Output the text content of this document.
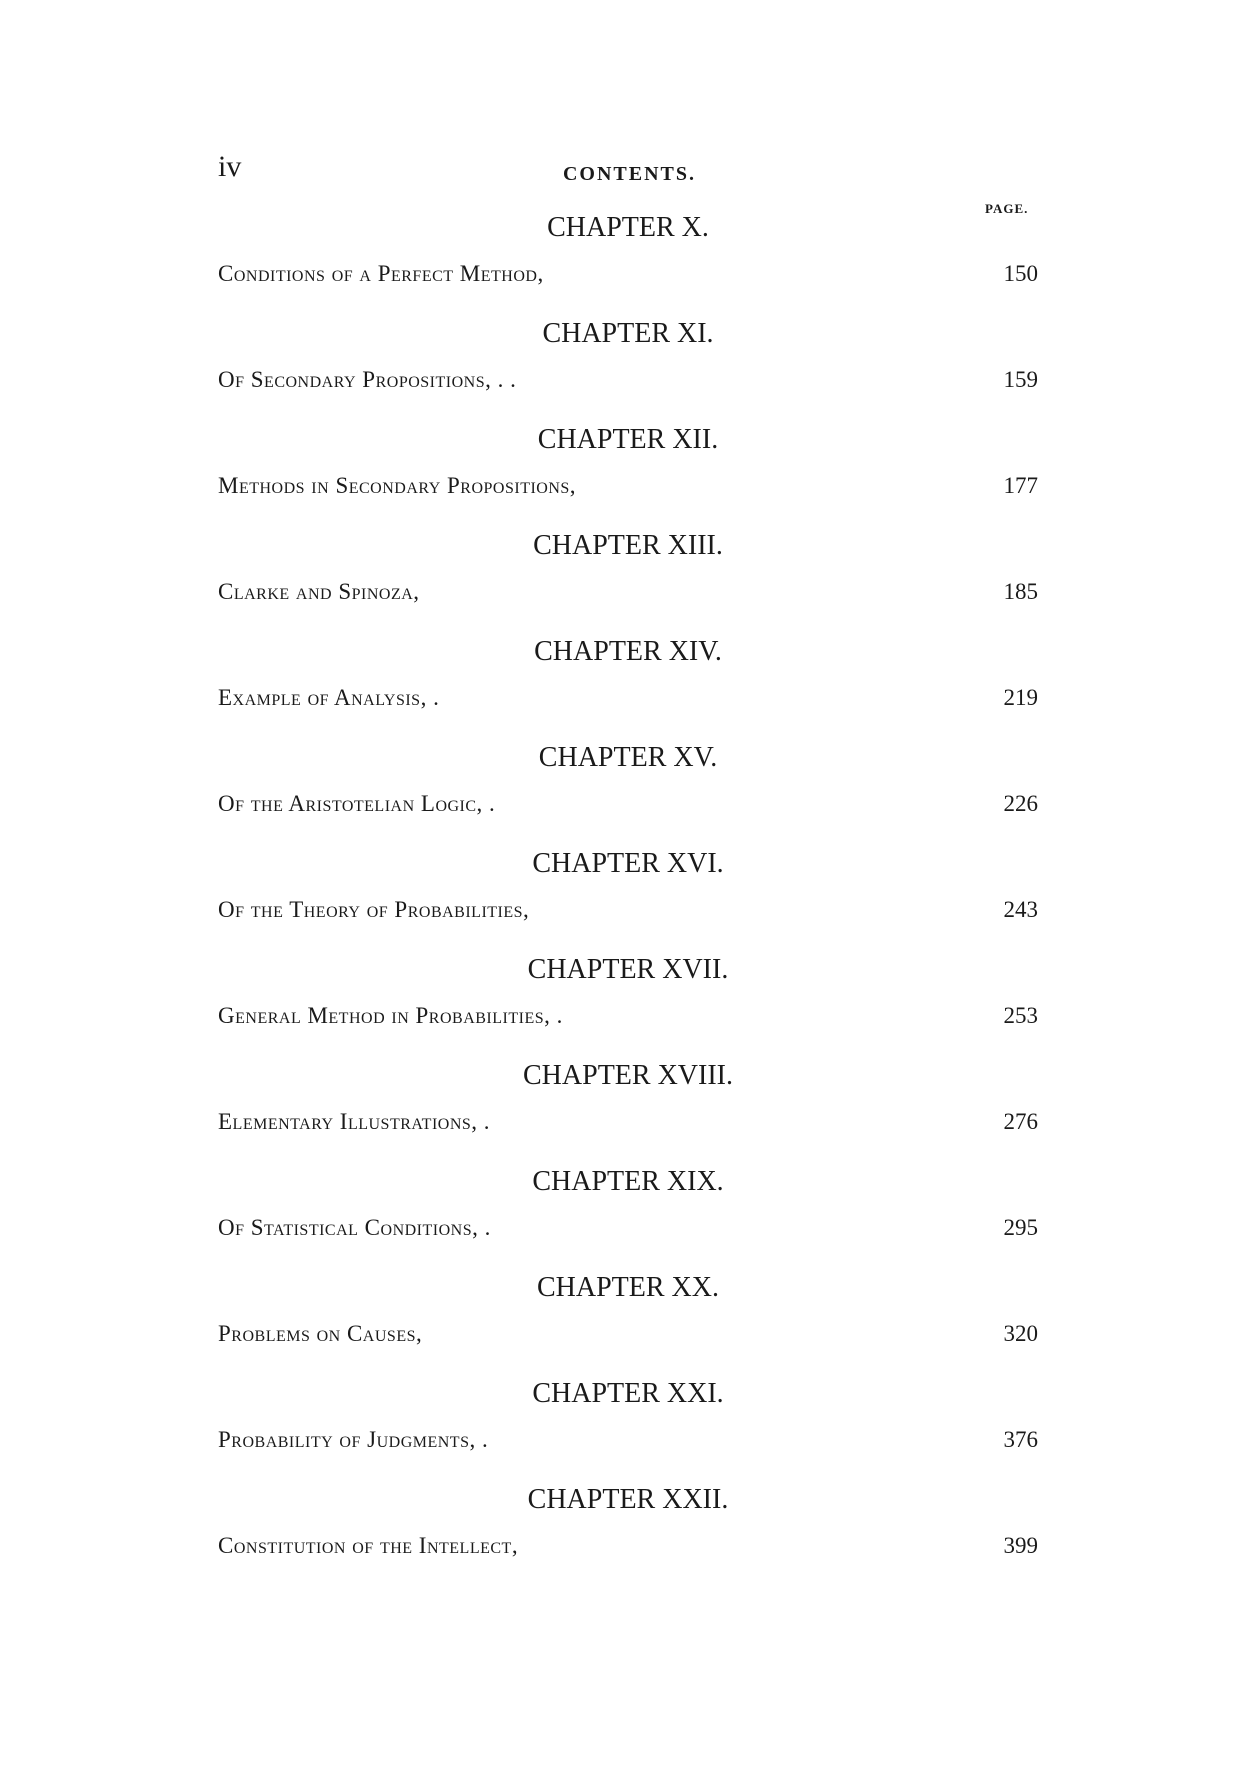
iv	CONTENTS.
PAGE.
CHAPTER X.
Conditions of a Perfect Method,	150
CHAPTER XI.
Of Secondary Propositions, . .	159
CHAPTER XII.
Methods in Secondary Propositions,	177
CHAPTER XIII.
Clarke and Spinoza,	185
CHAPTER XIV.
Example of Analysis, .	219
CHAPTER XV.
Of the Aristotelian Logic, .	226
CHAPTER XVI.
Of the Theory of Probabilities,	243
CHAPTER XVII.
General Method in Probabilities, .	253
CHAPTER XVIII.
Elementary Illustrations, .	276
CHAPTER XIX.
Of Statistical Conditions, .	295
CHAPTER XX.
Problems on Causes,	320
CHAPTER XXI.
Probability of Judgments, .	376
CHAPTER XXII.
Constitution of the Intellect,	399
